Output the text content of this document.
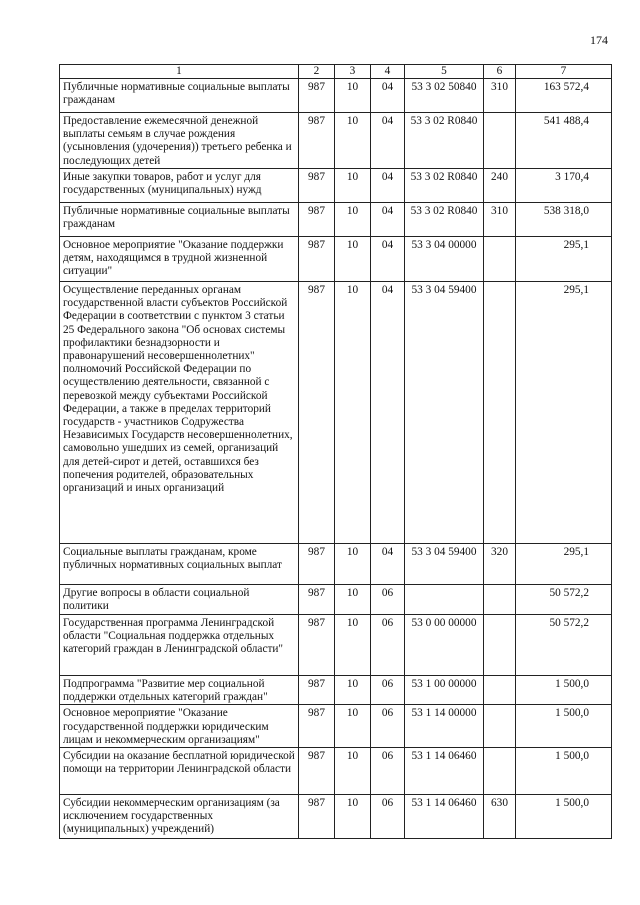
174
1	2	3	4	5	6	7
Публичные нормативные социальные выплаты гражданам	987	10	04	53 3 02 50840	310	163 572,4
Предоставление ежемесячной денежной выплаты семьям в случае рождения (усыновления (удочерения)) третьего ребенка и последующих детей	987	10	04	53 3 02 R0840		541 488,4
Иные закупки товаров, работ и услуг для государственных (муниципальных) нужд	987	10	04	53 3 02 R0840	240	3 170,4
Публичные нормативные социальные выплаты гражданам	987	10	04	53 3 02 R0840	310	538 318,0
Основное мероприятие "Оказание поддержки детям, находящимся в трудной жизненной ситуации"	987	10	04	53 3 04 00000		295,1
Осуществление переданных органам государственной власти субъектов Российской Федерации в соответствии с пунктом 3 статьи 25 Федерального закона "Об основах системы профилактики безнадзорности и правонарушений несовершеннолетних" полномочий Российской Федерации по осуществлению деятельности, связанной с перевозкой между субъектами Российской Федерации, а также в пределах территорий государств - участников Содружества Независимых Государств несовершеннолетних, самовольно ушедших из семей, организаций для детей-сирот и детей, оставшихся без попечения родителей, образовательных организаций и иных организаций	987	10	04	53 3 04 59400		295,1
Социальные выплаты гражданам, кроме публичных нормативных социальных выплат	987	10	04	53 3 04 59400	320	295,1
Другие вопросы в области социальной политики	987	10	06			50 572,2
Государственная программа Ленинградской области "Социальная поддержка отдельных категорий граждан в Ленинградской области"	987	10	06	53 0 00 00000		50 572,2
Подпрограмма "Развитие мер социальной поддержки отдельных категорий граждан"	987	10	06	53 1 00 00000		1 500,0
Основное мероприятие "Оказание государственной поддержки юридическим лицам и некоммерческим организациям"	987	10	06	53 1 14 00000		1 500,0
Субсидии на оказание бесплатной юридической помощи на территории Ленинградской области	987	10	06	53 1 14 06460		1 500,0
Субсидии некоммерческим организациям (за исключением государственных (муниципальных) учреждений)	987	10	06	53 1 14 06460	630	1 500,0
